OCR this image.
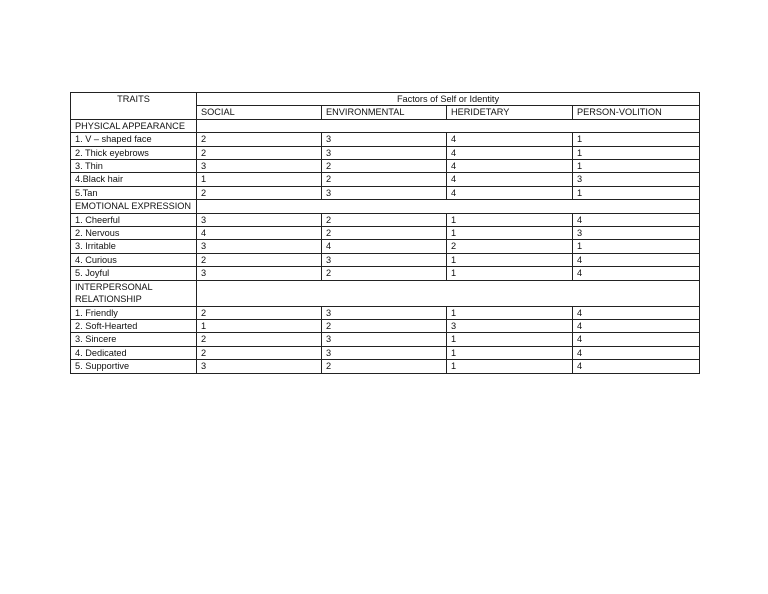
TRAITS	Factors of Self or Identity			
	SOCIAL	ENVIRONMENTAL	HERIDETARY	PERSON-VOLITION
PHYSICAL APPEARANCE				
1. V – shaped face	2	3	4	1
2. Thick eyebrows	2	3	4	1
3. Thin	3	2	4	1
4.Black hair	1	2	4	3
5.Tan	2	3	4	1
EMOTIONAL EXPRESSION				
1. Cheerful	3	2	1	4
2. Nervous	4	2	1	3
3. Irritable	3	4	2	1
4. Curious	2	3	1	4
5. Joyful	3	2	1	4
INTERPERSONAL RELATIONSHIP				
1. Friendly	2	3	1	4
2. Soft-Hearted	1	2	3	4
3. Sincere	2	3	1	4
4. Dedicated	2	3	1	4
5. Supportive	3	2	1	4
